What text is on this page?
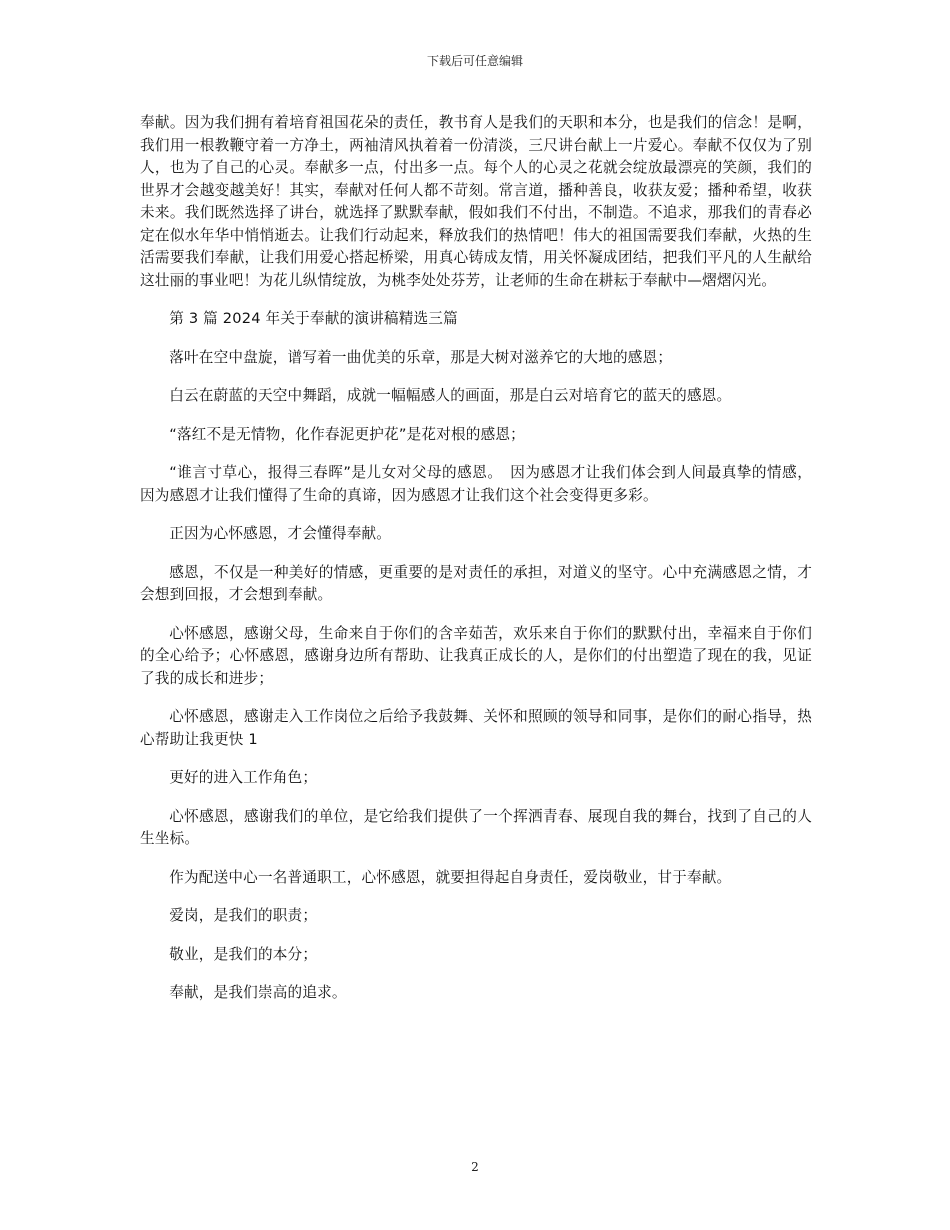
下载后可任意编辑

奉献。因为我们拥有着培育祖国花朵的责任，教书育人是我们的天职和本分，也是我们的信念！是啊，我们用一根教鞭守着一方净土，两袖清风执着着一份清淡，三尺讲台献上一片爱心。奉献不仅仅为了别人，也为了自己的心灵。奉献多一点，付出多一点。每个人的心灵之花就会绽放最漂亮的笑颜，我们的世界才会越变越美好！其实，奉献对任何人都不苛刻。常言道，播种善良，收获友爱；播种希望，收获未来。我们既然选择了讲台，就选择了默默奉献，假如我们不付出，不制造。不追求，那我们的青春必定在似水年华中悄悄逝去。让我们行动起来，释放我们的热情吧！伟大的祖国需要我们奉献，火热的生活需要我们奉献，让我们用爱心搭起桥梁，用真心铸成友情，用关怀凝成团结，把我们平凡的人生献给这壮丽的事业吧！为花儿纵情绽放，为桃李处处芬芳，让老师的生命在耕耘于奉献中—熠熠闪光。

第 3 篇 2024 年关于奉献的演讲稿精选三篇

落叶在空中盘旋，谱写着一曲优美的乐章，那是大树对滋养它的大地的感恩；

白云在蔚蓝的天空中舞蹈，成就一幅幅感人的画面，那是白云对培育它的蓝天的感恩。

“落红不是无情物，化作春泥更护花”是花对根的感恩；

“谁言寸草心，报得三春晖”是儿女对父母的感恩。　因为感恩才让我们体会到人间最真挚的情感，因为感恩才让我们懂得了生命的真谛，因为感恩才让我们这个社会变得更多彩。

正因为心怀感恩，才会懂得奉献。

感恩，不仅是一种美好的情感，更重要的是对责任的承担，对道义的坚守。心中充满感恩之情，才会想到回报，才会想到奉献。

心怀感恩，感谢父母，生命来自于你们的含辛茹苦，欢乐来自于你们的默默付出，幸福来自于你们的全心给予；心怀感恩，感谢身边所有帮助、让我真正成长的人，是你们的付出塑造了现在的我，见证了我的成长和进步；

心怀感恩，感谢走入工作岗位之后给予我鼓舞、关怀和照顾的领导和同事，是你们的耐心指导，热心帮助让我更快 1

更好的进入工作角色；

心怀感恩，感谢我们的单位，是它给我们提供了一个挥洒青春、展现自我的舞台，找到了自己的人生坐标。

作为配送中心一名普通职工，心怀感恩，就要担得起自身责任，爱岗敬业，甘于奉献。

爱岗，是我们的职责；

敬业，是我们的本分；

奉献，是我们崇高的追求。

2
